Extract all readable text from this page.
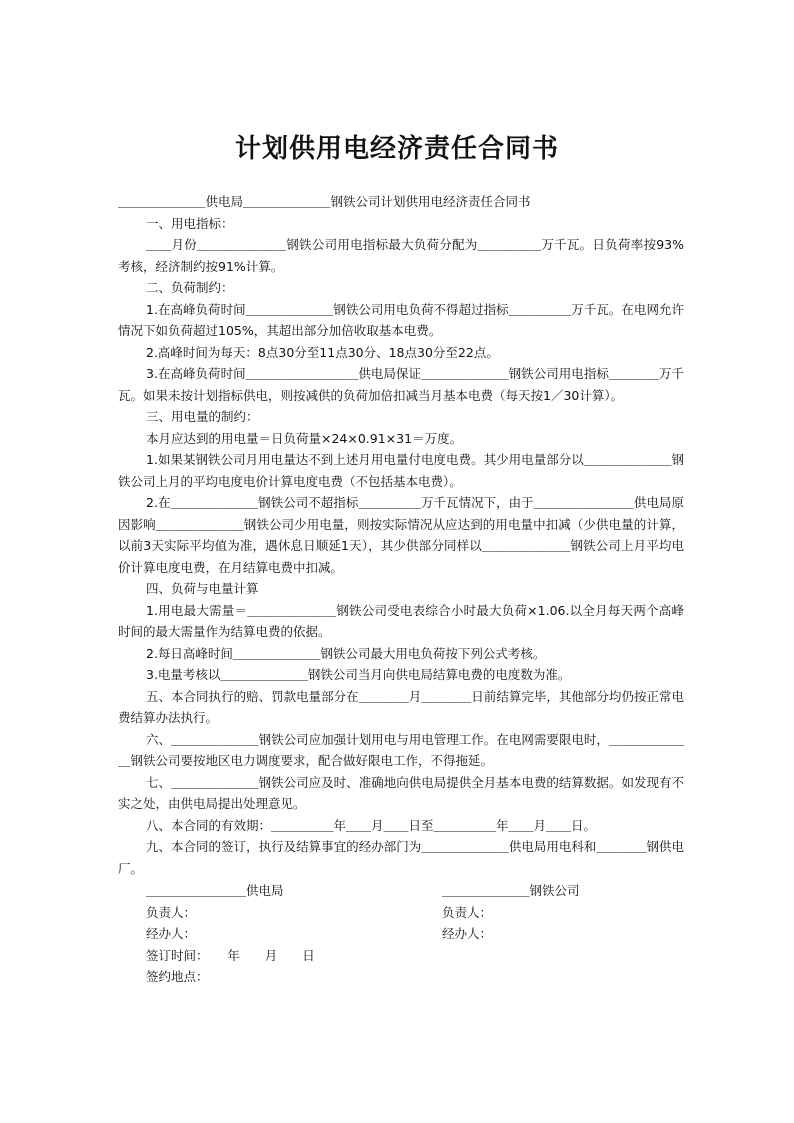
计划供用电经济责任合同书

＿＿＿＿＿＿＿供电局＿＿＿＿＿＿＿钢铁公司计划供用电经济责任合同书

一、用电指标：

＿＿月份＿＿＿＿＿＿＿钢铁公司用电指标最大负荷分配为＿＿＿＿＿万千瓦。日负荷率按93%考核，经济制约按91%计算。

二、负荷制约：

1.在高峰负荷时间＿＿＿＿＿＿＿钢铁公司用电负荷不得超过指标＿＿＿＿＿万千瓦。在电网允许情况下如负荷超过105%，其超出部分加倍收取基本电费。

2.高峰时间为每天：8点30分至11点30分、18点30分至22点。

3.在高峰负荷时间＿＿＿＿＿＿＿＿＿供电局保证＿＿＿＿＿＿＿钢铁公司用电指标＿＿＿＿万千瓦。如果未按计划指标供电，则按减供的负荷加倍扣减当月基本电费（每天按1／30计算）。

三、用电量的制约：

本月应达到的用电量＝日负荷量×24×0.91×31＝万度。

1.如果某钢铁公司月用电量达不到上述月用电量付电度电费。其少用电量部分以＿＿＿＿＿＿＿钢铁公司上月的平均电度电价计算电度电费（不包括基本电费）。

2.在＿＿＿＿＿＿＿钢铁公司不超指标＿＿＿＿＿万千瓦情况下，由于＿＿＿＿＿＿＿＿供电局原因影响＿＿＿＿＿＿＿钢铁公司少用电量，则按实际情况从应达到的用电量中扣减（少供电量的计算，以前3天实际平均值为准，遇休息日顺延1天），其少供部分同样以＿＿＿＿＿＿＿钢铁公司上月平均电价计算电度电费，在月结算电费中扣减。

四、负荷与电量计算

1.用电最大需量＝＿＿＿＿＿＿＿钢铁公司受电表综合小时最大负荷×1.06.以全月每天两个高峰时间的最大需量作为结算电费的依据。

2.每日高峰时间＿＿＿＿＿＿＿钢铁公司最大用电负荷按下列公式考核。

3.电量考核以＿＿＿＿＿＿＿钢铁公司当月向供电局结算电费的电度数为准。

五、本合同执行的赔、罚款电量部分在＿＿＿＿月＿＿＿＿日前结算完毕，其他部分均仍按正常电费结算办法执行。

六、＿＿＿＿＿＿＿钢铁公司应加强计划用电与用电管理工作。在电网需要限电时，＿＿＿＿＿＿＿钢铁公司要按地区电力调度要求，配合做好限电工作，不得拖延。

七、＿＿＿＿＿＿＿钢铁公司应及时、准确地向供电局提供全月基本电费的结算数据。如发现有不实之处，由供电局提出处理意见。

八、本合同的有效期：＿＿＿＿＿年＿＿月＿＿日至＿＿＿＿＿年＿＿月＿＿日。

九、本合同的签订，执行及结算事宜的经办部门为＿＿＿＿＿＿＿供电局用电科和＿＿＿＿钢供电厂。

＿＿＿＿＿＿＿＿供电局	＿＿＿＿＿＿＿钢铁公司
负责人：	负责人：
经办人：	经办人：
签订时间：　　年　　月　　日
签约地点：
